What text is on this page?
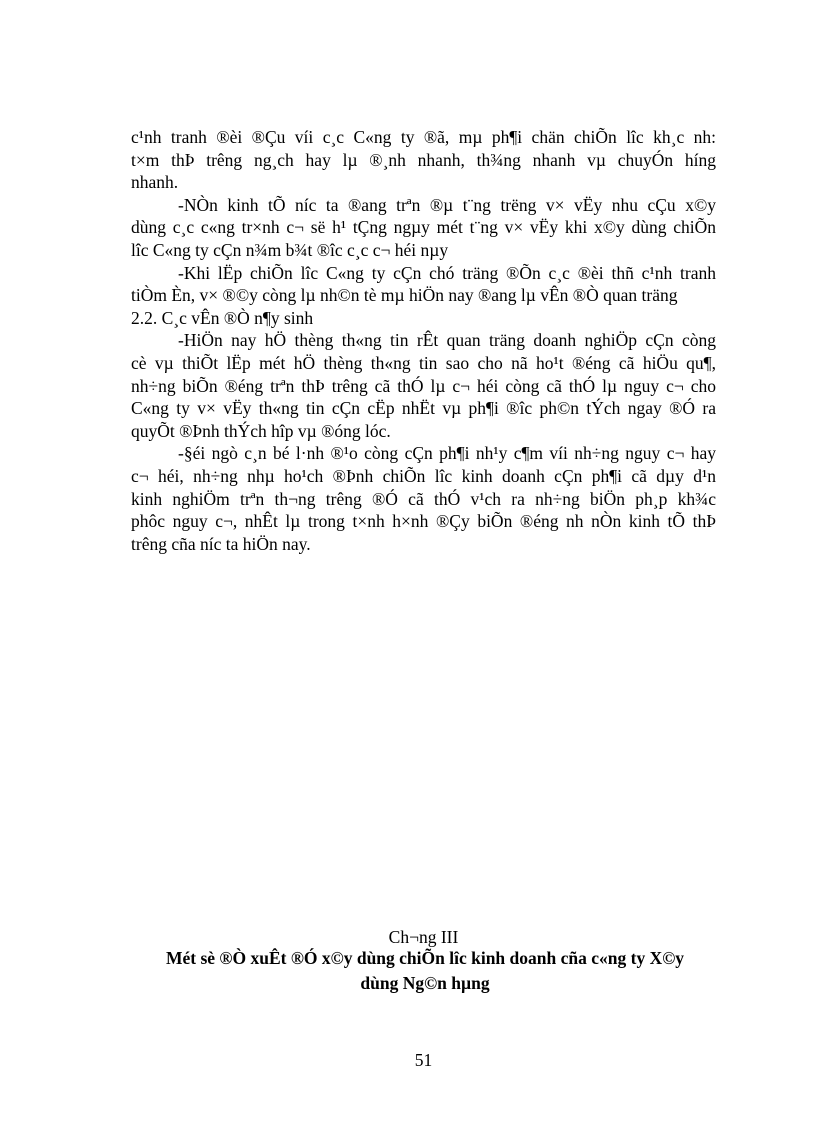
c¹nh tranh ®èi ®Çu víi c¸c C«ng ty ®ã, mµ ph¶i chän chiÕn lîc kh¸c nh:
t×m thÞ trêng ng¸ch hay lµ ®¸nh nhanh, th¾ng nhanh vµ chuyÓn híng
nhanh.
-NÒn kinh tÕ níc ta ®ang trªn ®µ t¨ng trëng v× vËy nhu cÇu x©y
dùng c¸c c«ng tr×nh c¬ së h¹ tÇng ngµy mét t¨ng v× vËy khi x©y dùng chiÕn
lîc C«ng ty cÇn n¾m b¾t ®îc c¸c c¬ héi nµy
-Khi lËp chiÕn lîc C«ng ty cÇn chó träng ®Õn c¸c ®èi thñ c¹nh tranh
tiÒm Èn, v× ®©y còng lµ nh©n tè mµ hiÖn nay ®ang lµ vÊn ®Ò quan träng
2.2. C¸c vÊn ®Ò n¶y sinh
-HiÖn nay hÖ thèng th«ng tin rÊt quan träng doanh nghiÖp cÇn còng
cè vµ thiÕt lËp mét hÖ thèng th«ng tin sao cho nã ho¹t ®éng cã hiÖu qu¶,
nh÷ng biÕn ®éng trªn thÞ trêng cã thÓ lµ c¬ héi còng cã thÓ lµ nguy c¬ cho
C«ng ty v× vËy th«ng tin cÇn cËp nhËt vµ ph¶i ®îc ph©n tÝch ngay ®Ó ra
quyÕt ®Þnh thÝch hîp vµ ®óng lóc.
-§éi ngò c¸n bé l·nh ®¹o còng cÇn ph¶i nh¹y c¶m víi nh÷ng nguy c¬ hay
c¬ héi, nh÷ng nhµ ho¹ch ®Þnh chiÕn lîc kinh doanh cÇn ph¶i cã dµy d¹n
kinh nghiÖm trªn th¬ng trêng ®Ó cã thÓ v¹ch ra nh÷ng biÖn ph¸p kh¾c
phôc nguy c¬, nhÊt lµ trong t×nh h×nh ®Çy biÕn ®éng nh nÒn kinh tÕ thÞ
trêng cña níc ta hiÖn nay.
Ch¬ng III
Mét sè ®Ò xuÊt ®Ó x©y dùng chiÕn lîc kinh doanh cña c«ng ty X©y
dùng Ng©n hµng
51
